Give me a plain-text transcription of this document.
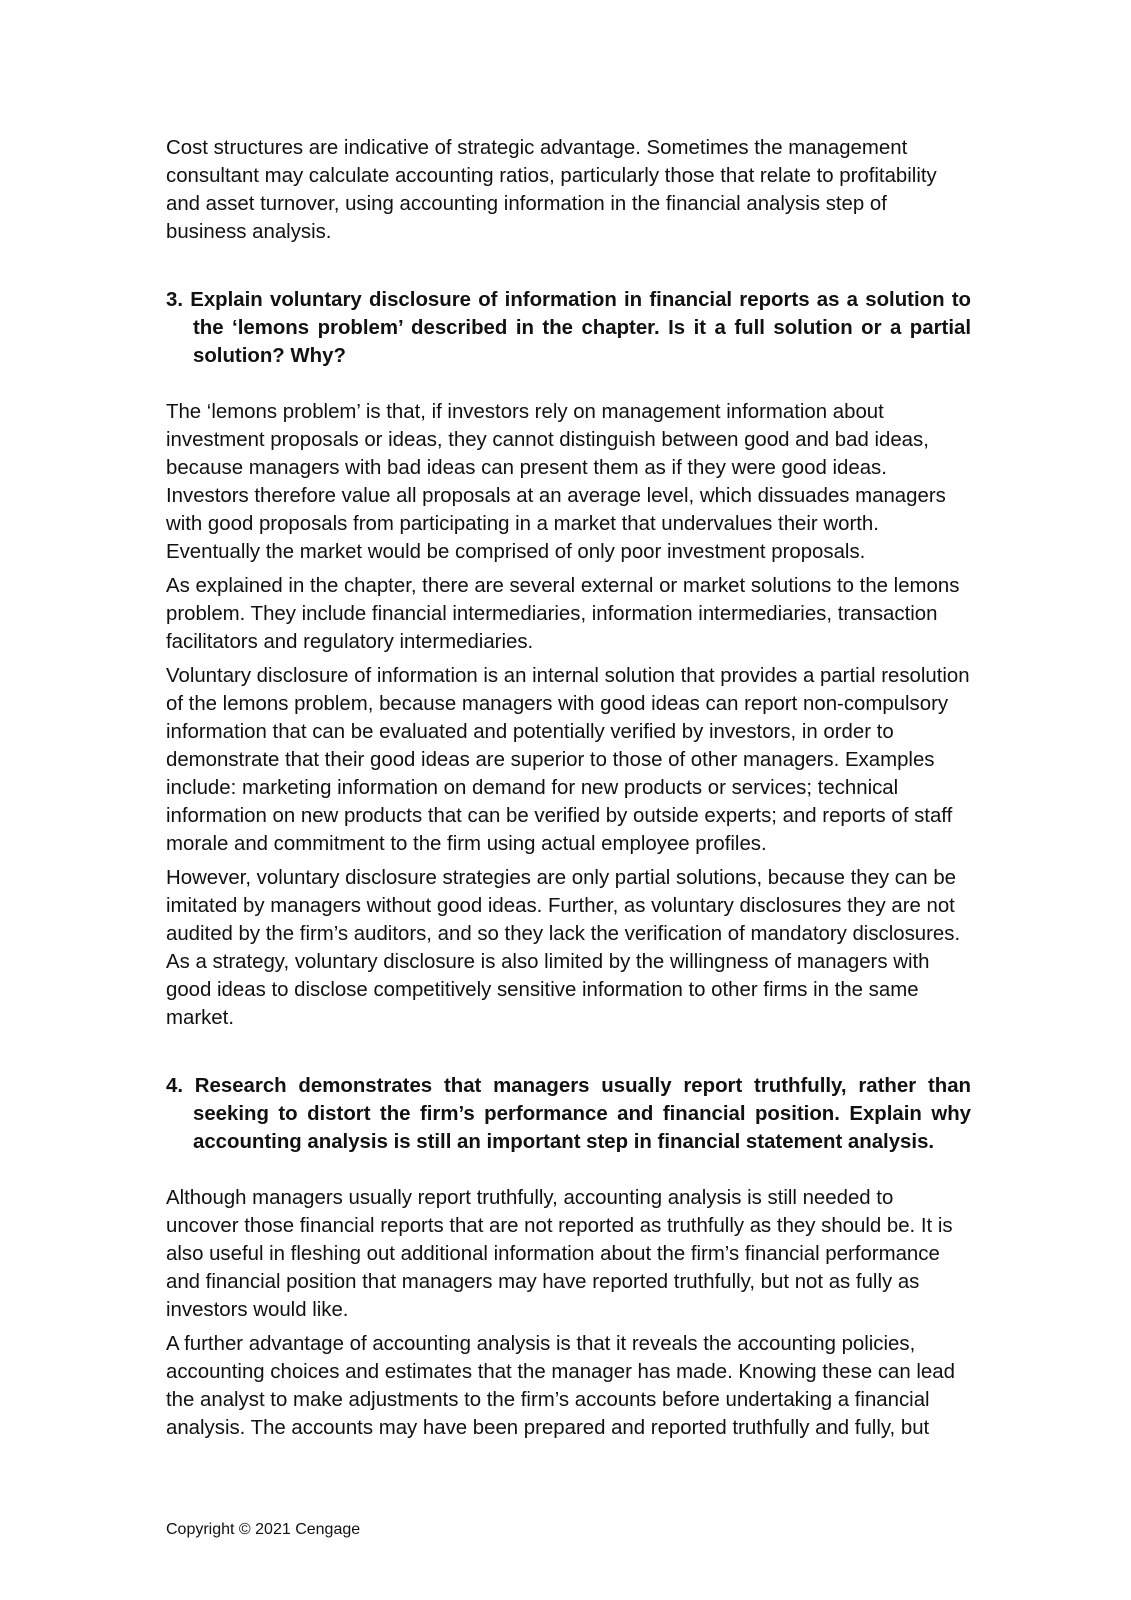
Cost structures are indicative of strategic advantage. Sometimes the management consultant may calculate accounting ratios, particularly those that relate to profitability and asset turnover, using accounting information in the financial analysis step of business analysis.

3. Explain voluntary disclosure of information in financial reports as a solution to the ‘lemons problem’ described in the chapter. Is it a full solution or a partial solution? Why?

The ‘lemons problem’ is that, if investors rely on management information about investment proposals or ideas, they cannot distinguish between good and bad ideas, because managers with bad ideas can present them as if they were good ideas. Investors therefore value all proposals at an average level, which dissuades managers with good proposals from participating in a market that undervalues their worth. Eventually the market would be comprised of only poor investment proposals.

As explained in the chapter, there are several external or market solutions to the lemons problem. They include financial intermediaries, information intermediaries, transaction facilitators and regulatory intermediaries.

Voluntary disclosure of information is an internal solution that provides a partial resolution of the lemons problem, because managers with good ideas can report non-compulsory information that can be evaluated and potentially verified by investors, in order to demonstrate that their good ideas are superior to those of other managers. Examples include: marketing information on demand for new products or services; technical information on new products that can be verified by outside experts; and reports of staff morale and commitment to the firm using actual employee profiles.

However, voluntary disclosure strategies are only partial solutions, because they can be imitated by managers without good ideas. Further, as voluntary disclosures they are not audited by the firm’s auditors, and so they lack the verification of mandatory disclosures. As a strategy, voluntary disclosure is also limited by the willingness of managers with good ideas to disclose competitively sensitive information to other firms in the same market.

4. Research demonstrates that managers usually report truthfully, rather than seeking to distort the firm’s performance and financial position. Explain why accounting analysis is still an important step in financial statement analysis.

Although managers usually report truthfully, accounting analysis is still needed to uncover those financial reports that are not reported as truthfully as they should be. It is also useful in fleshing out additional information about the firm’s financial performance and financial position that managers may have reported truthfully, but not as fully as investors would like.

A further advantage of accounting analysis is that it reveals the accounting policies, accounting choices and estimates that the manager has made. Knowing these can lead the analyst to make adjustments to the firm’s accounts before undertaking a financial analysis. The accounts may have been prepared and reported truthfully and fully, but

Copyright © 2021 Cengage
